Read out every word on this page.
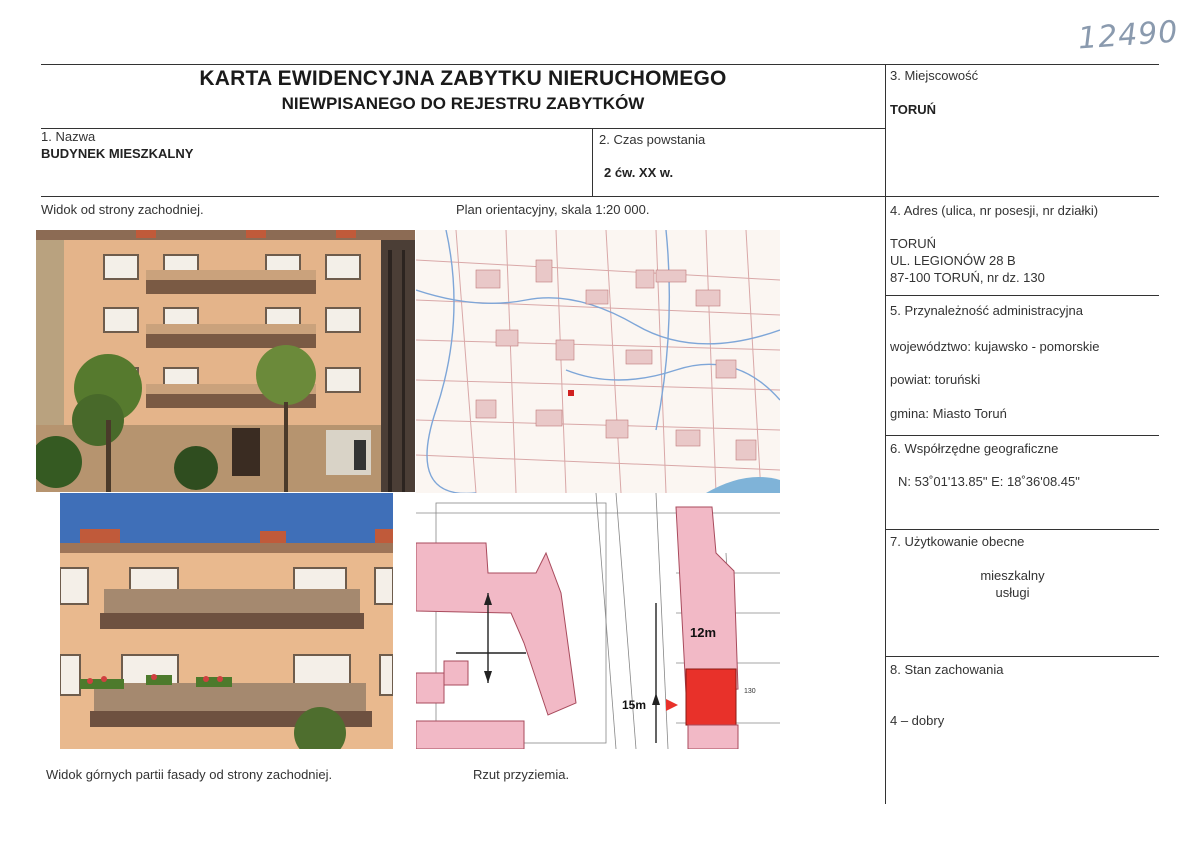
12490
KARTA EWIDENCYJNA ZABYTKU NIERUCHOMEGO
NIEWPISANEGO DO REJESTRU ZABYTKÓW
1. Nazwa
BUDYNEK MIESZKALNY
2. Czas powstania
2 ćw. XX w.
3. Miejscowość
TORUŃ
4. Adres (ulica, nr posesji, nr działki)
TORUŃ
UL. LEGIONÓW 28 B
87-100 TORUŃ, nr dz. 130
5. Przynależność administracyjna
województwo: kujawsko - pomorskie
powiat: toruński
gmina: Miasto Toruń
6. Współrzędne geograficzne
N: 53˚01'13.85" E: 18˚36'08.45"
7. Użytkowanie obecne
mieszkalny
usługi
8. Stan zachowania
4 – dobry
Widok od strony zachodniej.	Plan orientacyjny, skala 1:20 000.
Widok górnych partii fasady od strony zachodniej.	Rzut przyziemia.
12m
15m
130
